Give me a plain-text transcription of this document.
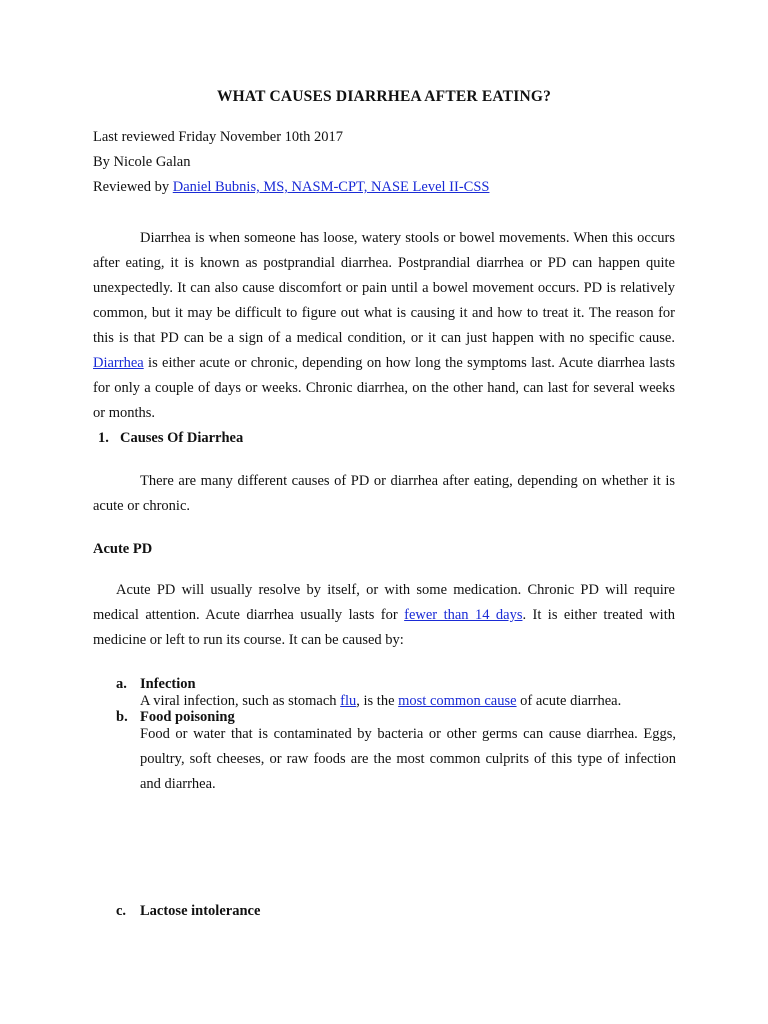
WHAT CAUSES DIARRHEA AFTER EATING?
Last reviewed Friday November 10th 2017
By Nicole Galan
Reviewed by Daniel Bubnis, MS, NASM-CPT, NASE Level II-CSS
Diarrhea is when someone has loose, watery stools or bowel movements. When this occurs after eating, it is known as postprandial diarrhea. Postprandial diarrhea or PD can happen quite unexpectedly. It can also cause discomfort or pain until a bowel movement occurs. PD is relatively common, but it may be difficult to figure out what is causing it and how to treat it. The reason for this is that PD can be a sign of a medical condition, or it can just happen with no specific cause. Diarrhea is either acute or chronic, depending on how long the symptoms last. Acute diarrhea lasts for only a couple of days or weeks. Chronic diarrhea, on the other hand, can last for several weeks or months.
1. Causes Of Diarrhea
There are many different causes of PD or diarrhea after eating, depending on whether it is acute or chronic.
Acute PD
Acute PD will usually resolve by itself, or with some medication. Chronic PD will require medical attention. Acute diarrhea usually lasts for fewer than 14 days. It is either treated with medicine or left to run its course. It can be caused by:
a. Infection
A viral infection, such as stomach flu, is the most common cause of acute diarrhea.
b. Food poisoning
Food or water that is contaminated by bacteria or other germs can cause diarrhea. Eggs, poultry, soft cheeses, or raw foods are the most common culprits of this type of infection and diarrhea.
c. Lactose intolerance
